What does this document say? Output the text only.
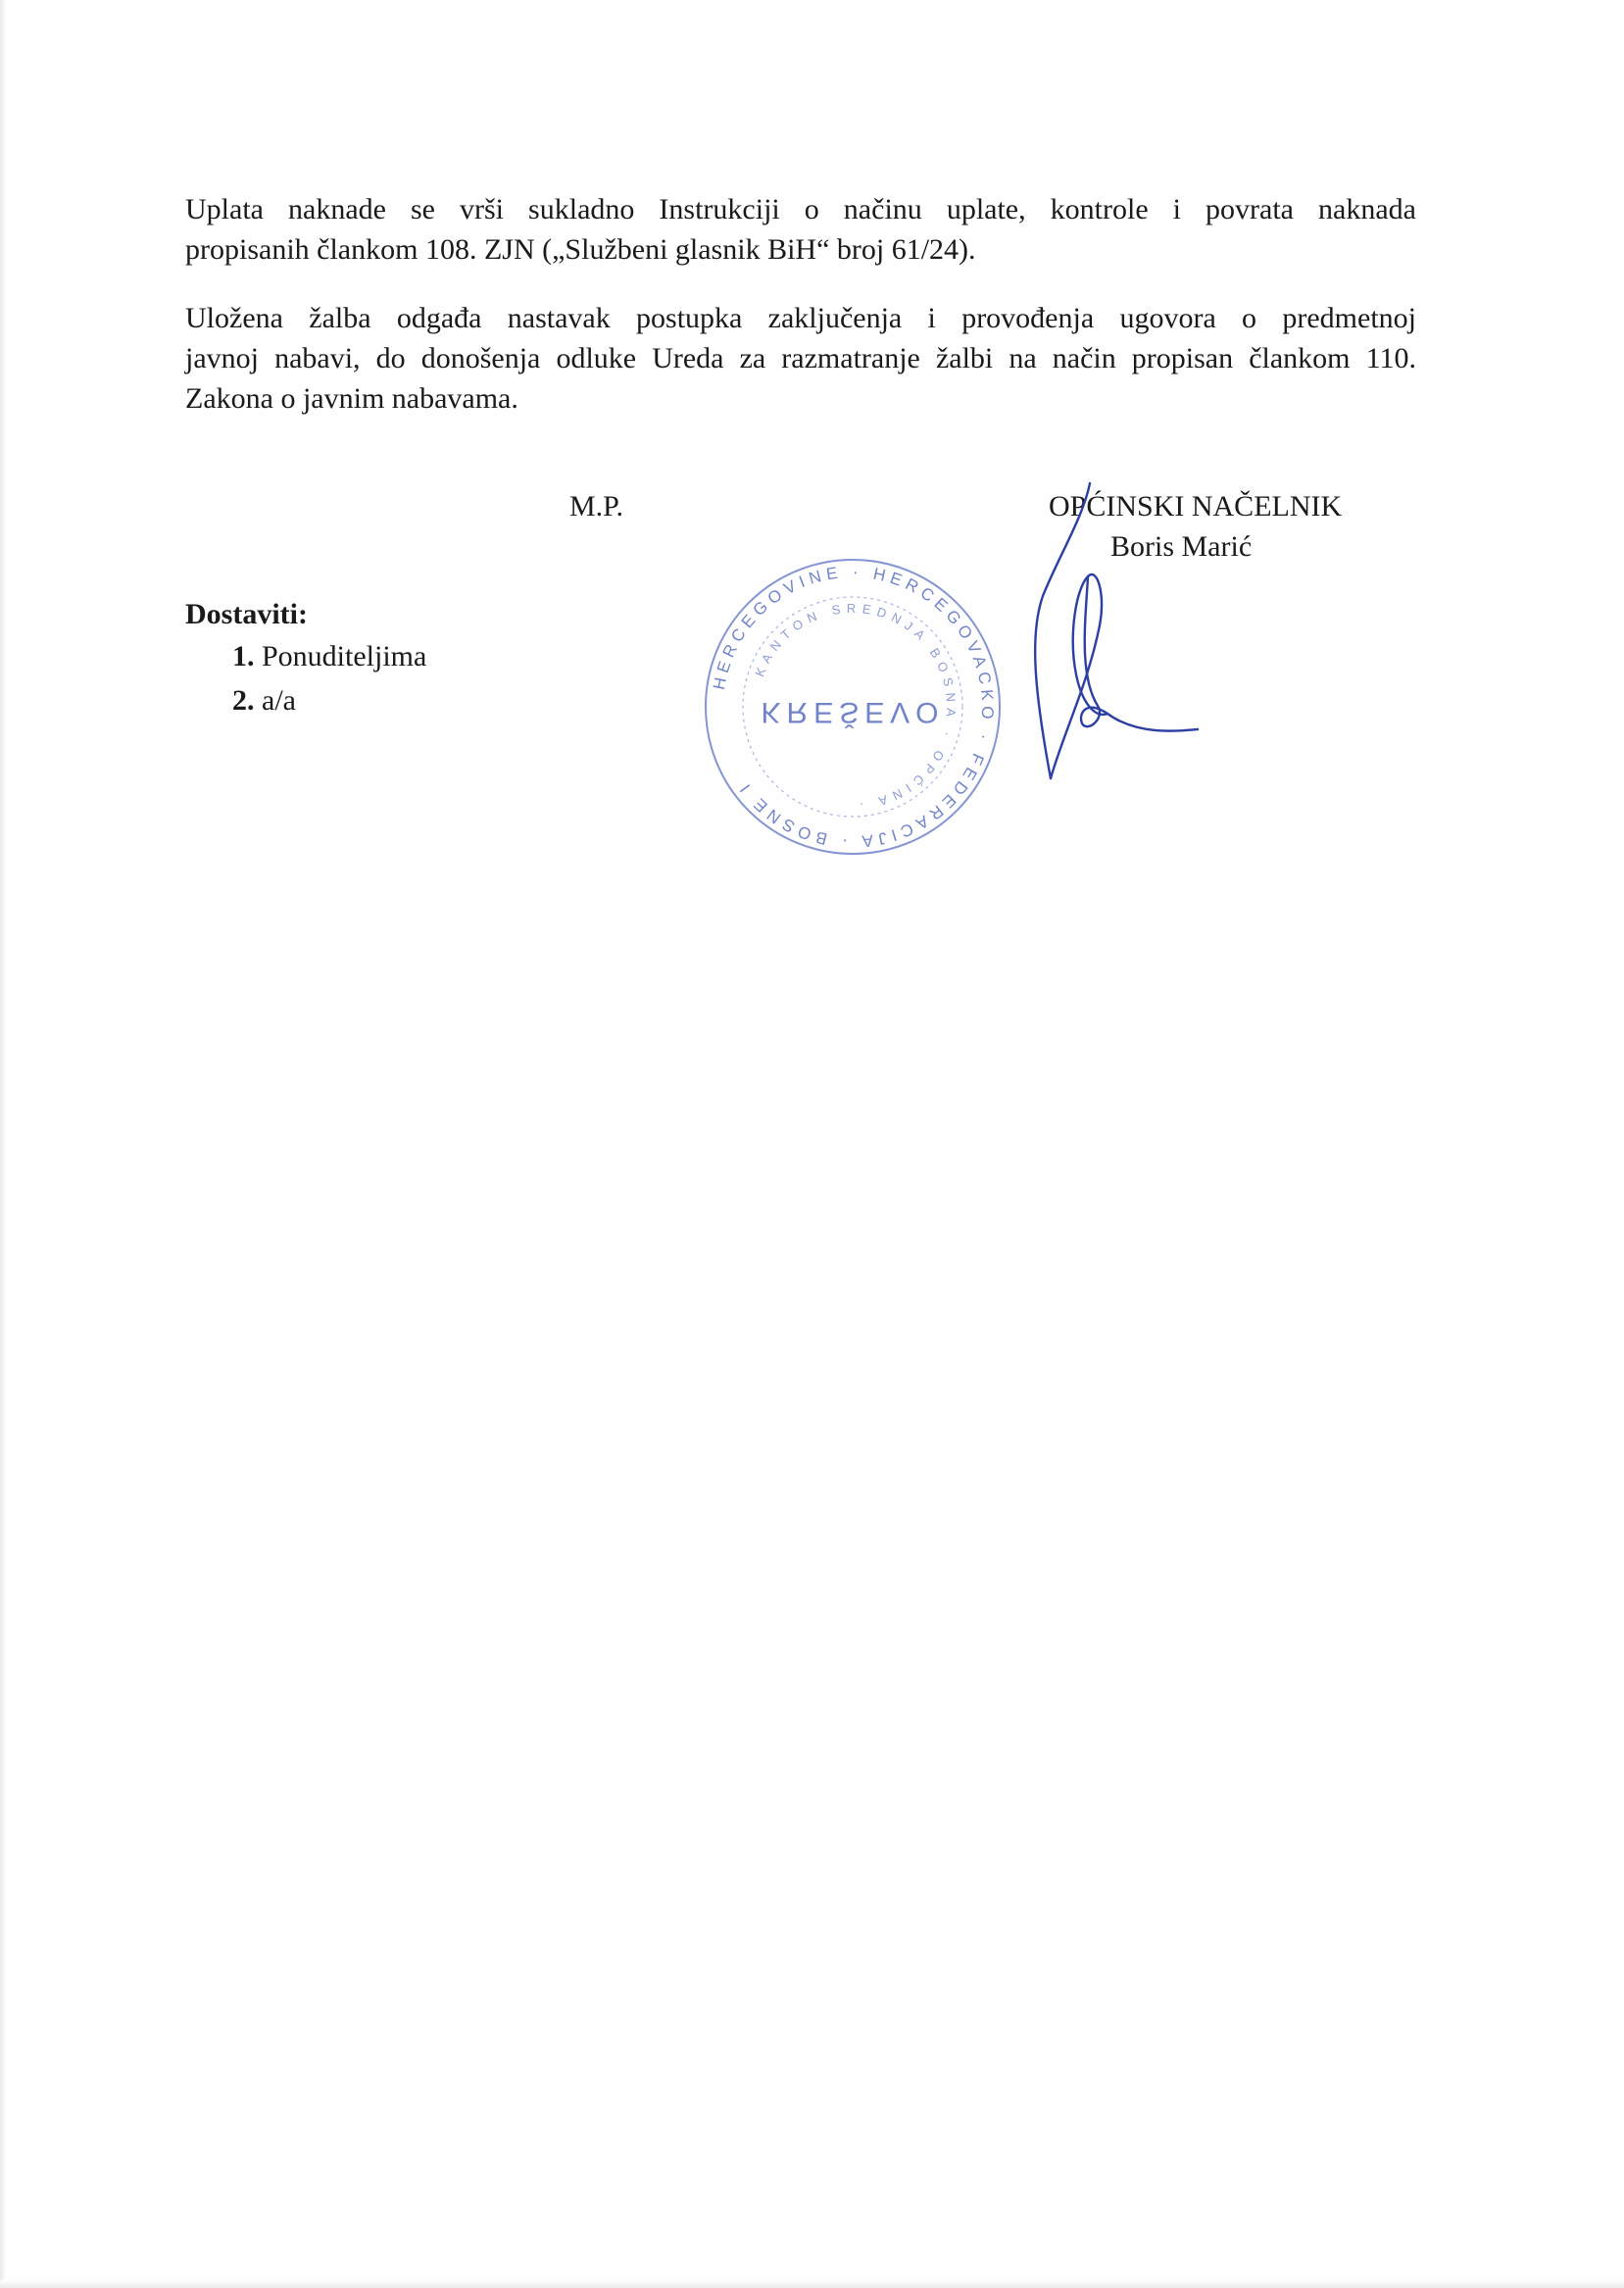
Uplata naknade se vrši sukladno Instrukciji o načinu uplate, kontrole i povrata naknada
propisanih člankom 108. ZJN („Službeni glasnik BiH“ broj 61/24).
Uložena žalba odgađa nastavak postupka zaključenja i provođenja ugovora o predmetnoj
javnoj nabavi, do donošenja odluke Ureda za razmatranje žalbi na način propisan člankom 110.
Zakona o javnim nabavama.
M.P.	OPĆINSKI NAČELNIK
Boris Marić
Dostaviti:
1. Ponuditeljima
2. a/a
HERCEGOVINE · HERCEGOVACKO · FEDERACIJA · BOSNE I
KANTON SREDNJA BOSNA · OPĆINA ·
KREŠEVO
